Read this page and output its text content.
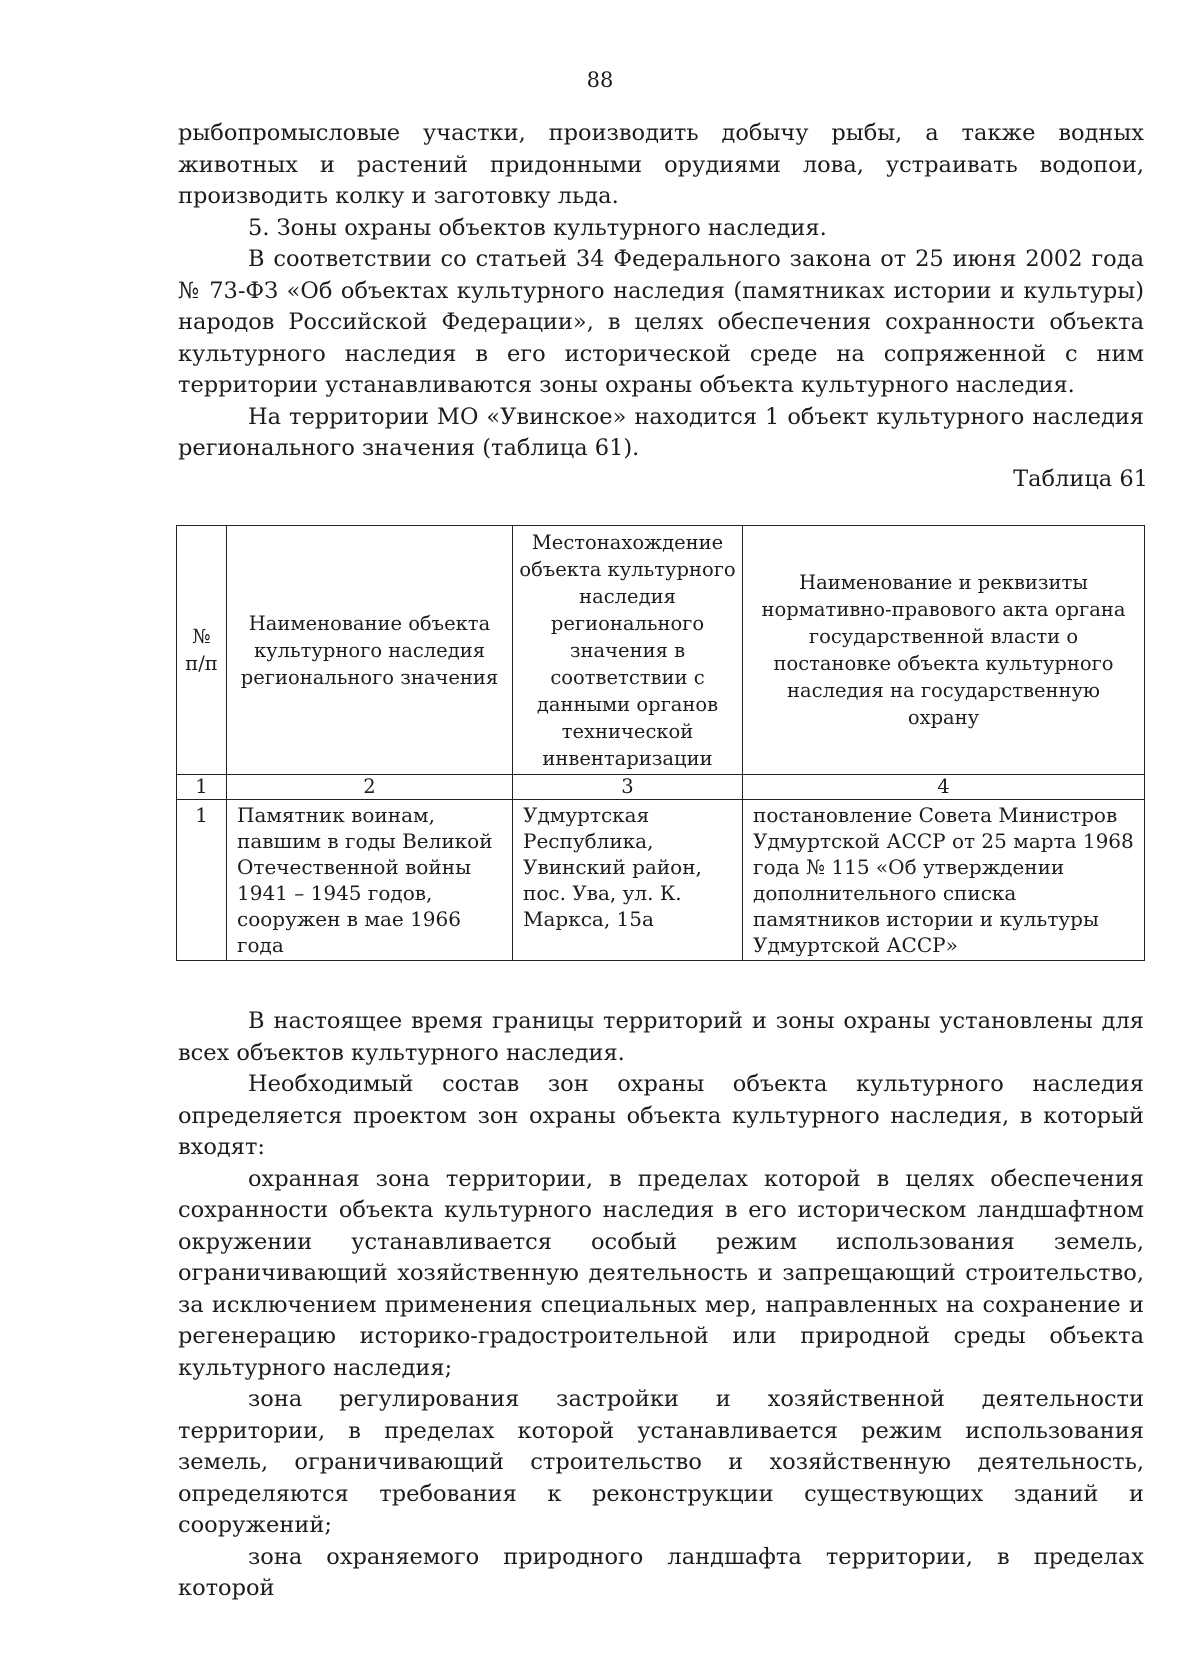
88

рыбопромысловые участки, производить добычу рыбы, а также водных животных и растений придонными орудиями лова, устраивать водопои, производить колку и заготовку льда.

5. Зоны охраны объектов культурного наследия.

В соответствии со статьей 34 Федерального закона от 25 июня 2002 года № 73-ФЗ «Об объектах культурного наследия (памятниках истории и культуры) народов Российской Федерации», в целях обеспечения сохранности объекта культурного наследия в его исторической среде на сопряженной с ним территории устанавливаются зоны охраны объекта культурного наследия.

На территории МО «Увинское» находится 1 объект культурного наследия регионального значения (таблица 61).

Таблица 61
№ п/п	Наименование объекта культурного наследия регионального значения	Местонахождение объекта культурного наследия регионального значения в соответствии с данными органов технической инвентаризации	Наименование и реквизиты нормативно-правового акта органа государственной власти о постановке объекта культурного наследия на государственную охрану
1	2	3	4
1	Памятник воинам, павшим в годы Великой Отечественной войны 1941 – 1945 годов, сооружен в мае 1966 года	Удмуртская Республика, Увинский район, пос. Ува, ул. К. Маркса, 15а	постановление Совета Министров Удмуртской АССР от 25 марта 1968 года № 115 «Об утверждении дополнительного списка памятников истории и культуры Удмуртской АССР»

В настоящее время границы территорий и зоны охраны установлены для всех объектов культурного наследия.

Необходимый состав зон охраны объекта культурного наследия определяется проектом зон охраны объекта культурного наследия, в который входят:

охранная зона территории, в пределах которой в целях обеспечения сохранности объекта культурного наследия в его историческом ландшафтном окружении устанавливается особый режим использования земель, ограничивающий хозяйственную деятельность и запрещающий строительство, за исключением применения специальных мер, направленных на сохранение и регенерацию историко-градостроительной или природной среды объекта культурного наследия;

зона регулирования застройки и хозяйственной деятельности территории, в пределах которой устанавливается режим использования земель, ограничивающий строительство и хозяйственную деятельность, определяются требования к реконструкции существующих зданий и сооружений;

зона охраняемого природного ландшафта территории, в пределах которой
